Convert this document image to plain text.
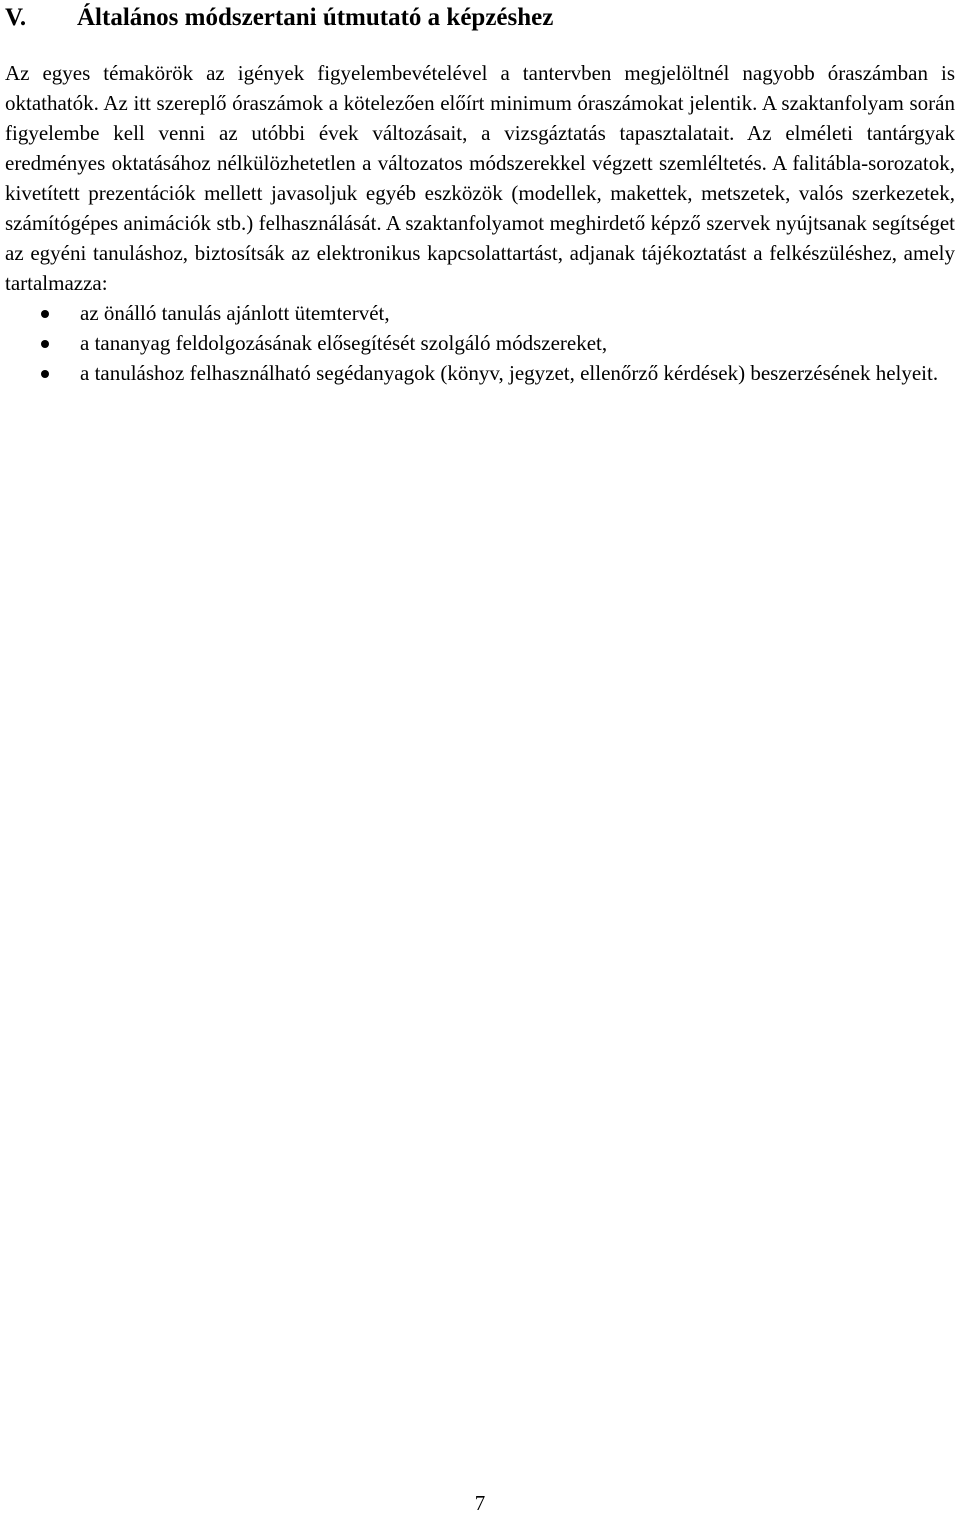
V. Általános módszertani útmutató a képzéshez

Az egyes témakörök az igények figyelembevételével a tantervben megjelöltnél nagyobb óraszámban is oktathatók. Az itt szereplő óraszámok a kötelezően előírt minimum óraszámokat jelentik. A szaktanfolyam során figyelembe kell venni az utóbbi évek változásait, a vizsgáztatás tapasztalatait. Az elméleti tantárgyak eredményes oktatásához nélkülözhetetlen a változatos módszerekkel végzett szemléltetés. A falitábla-sorozatok, kivetített prezentációk mellett javasoljuk egyéb eszközök (modellek, makettek, metszetek, valós szerkezetek, számítógépes animációk stb.) felhasználását. A szaktanfolyamot meghirdető képző szervek nyújtsanak segítséget az egyéni tanuláshoz, biztosítsák az elektronikus kapcsolattartást, adjanak tájékoztatást a felkészüléshez, amely tartalmazza:

az önálló tanulás ajánlott ütemtervét,
a tananyag feldolgozásának elősegítését szolgáló módszereket,
a tanuláshoz felhasználható segédanyagok (könyv, jegyzet, ellenőrző kérdések) beszerzésének helyeit.
7
